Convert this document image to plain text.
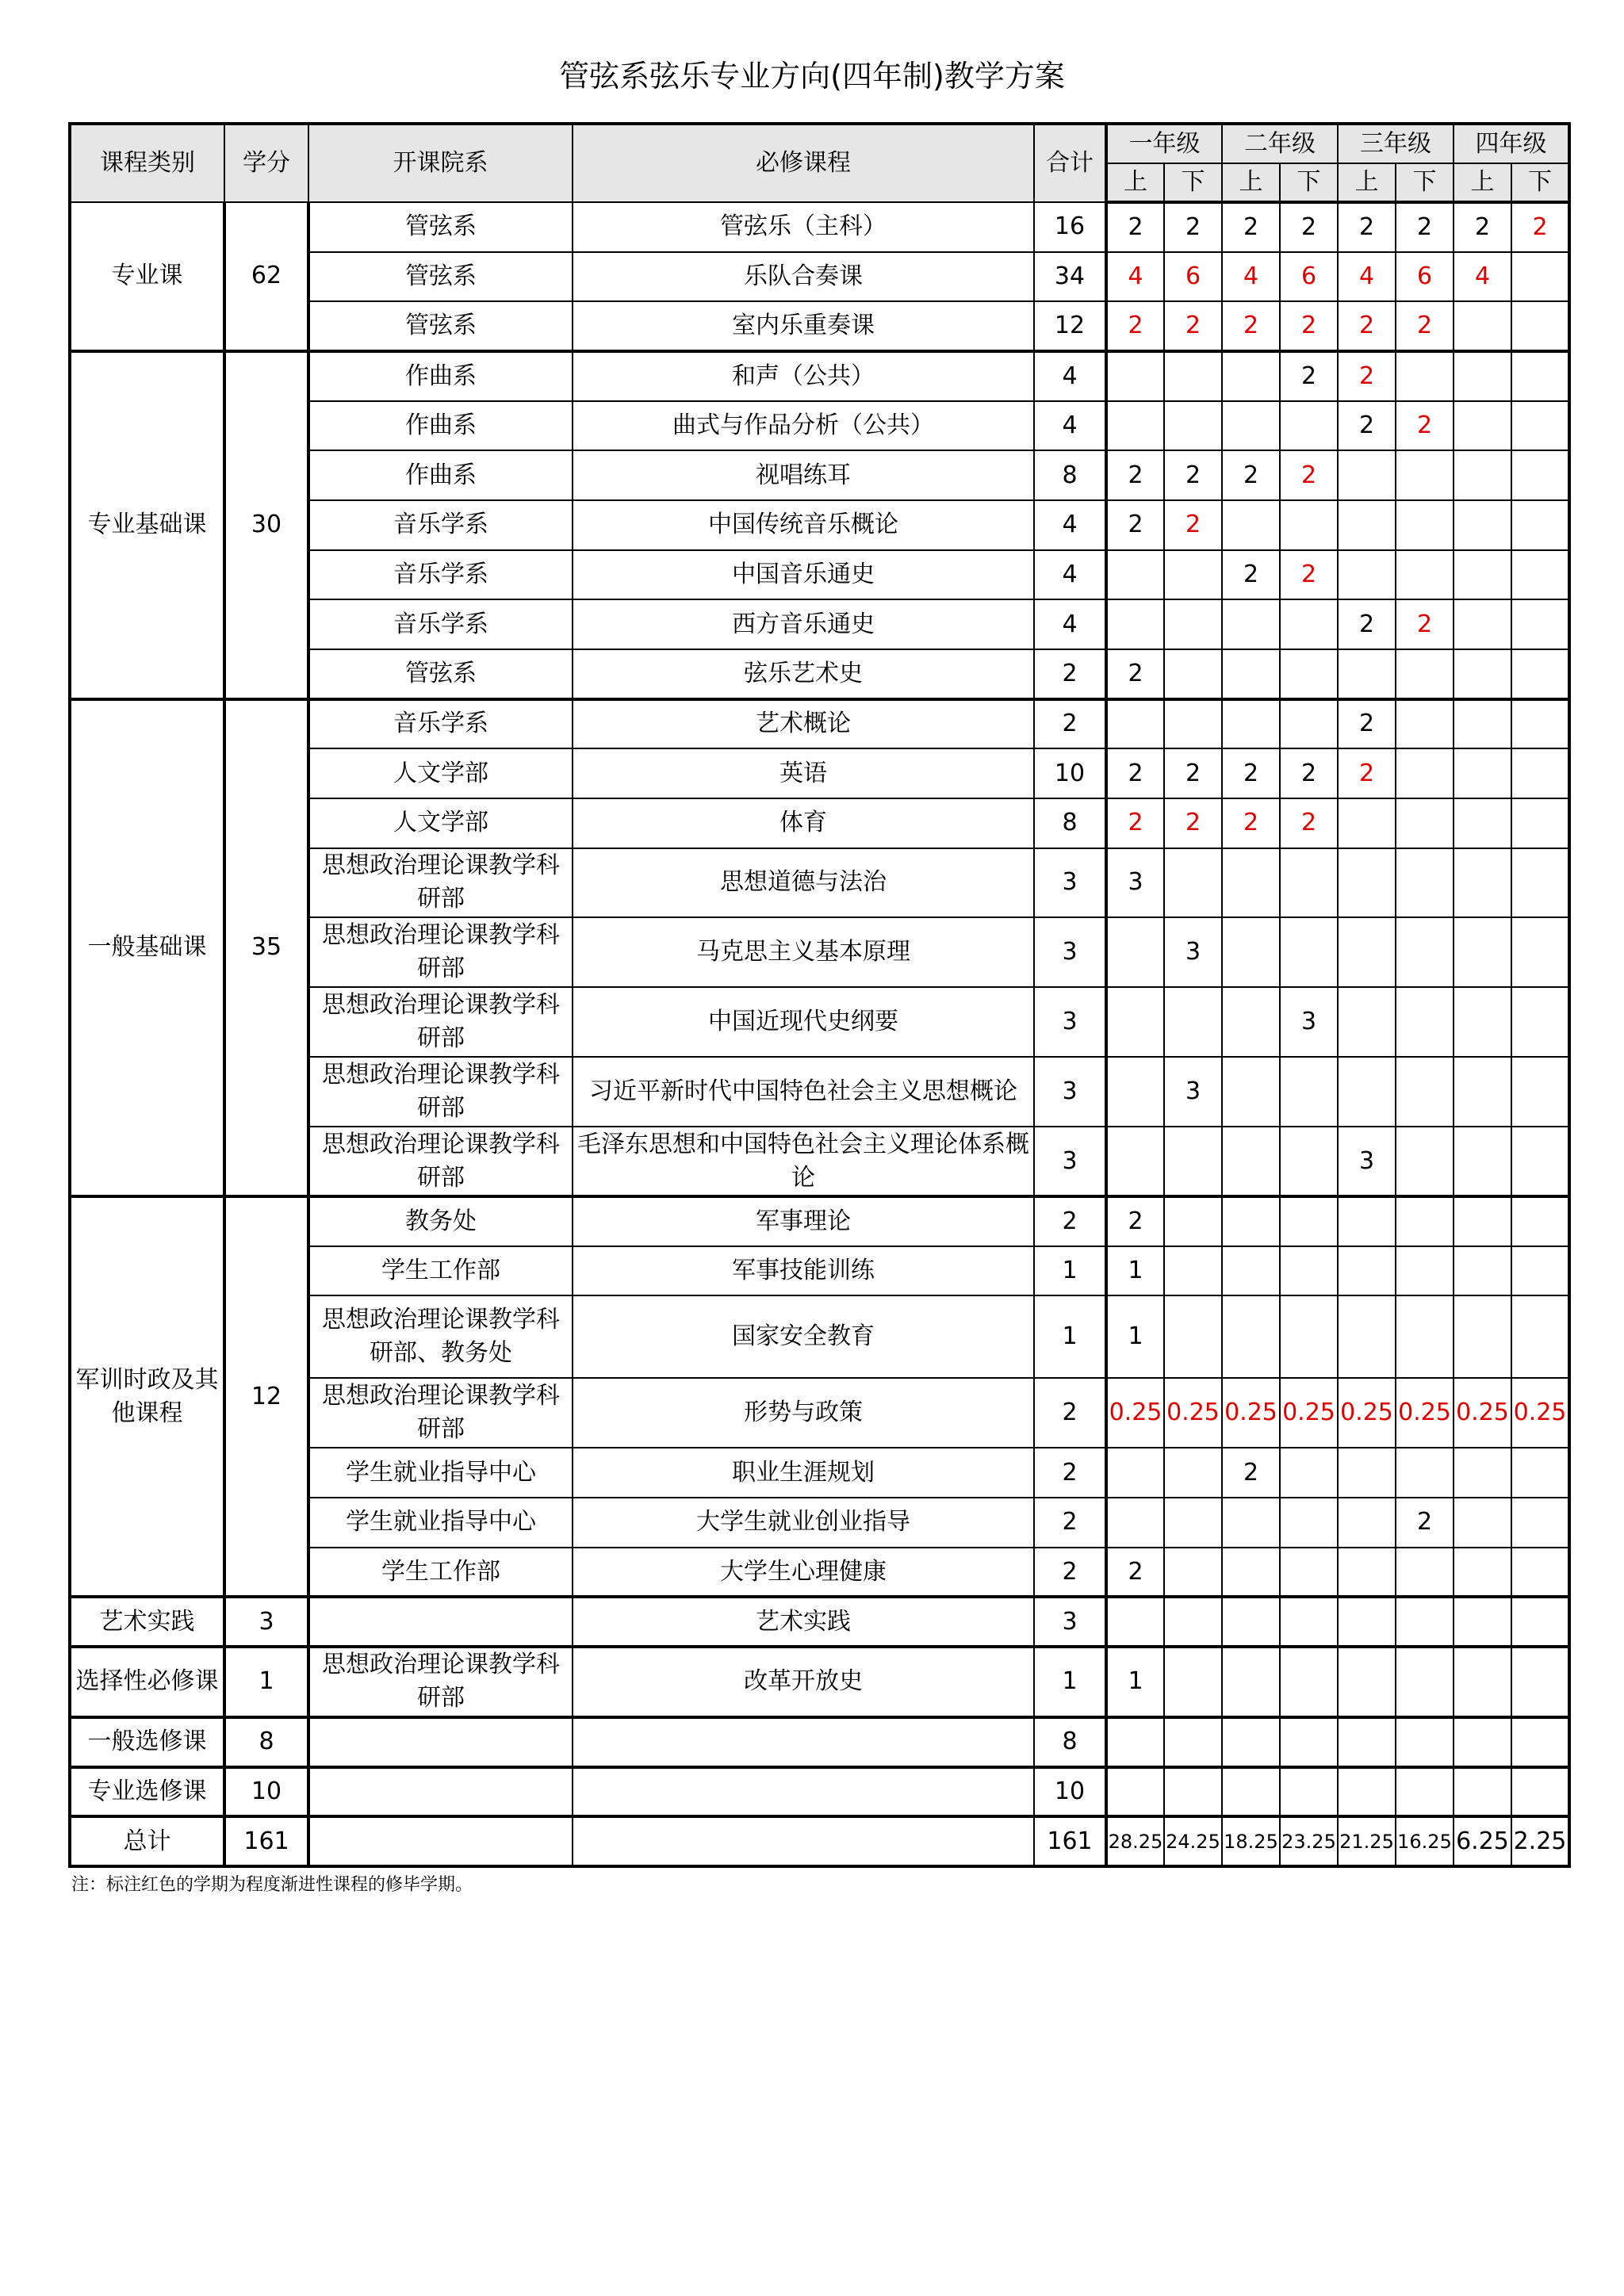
管弦系弦乐专业方向(四年制)教学方案
课程类别	学分	开课院系	必修课程	合计	一年级		二年级		三年级		四年级	
					上	下	上	下	上	下	上	下
专业课	62	管弦系	管弦乐（主科）	16	2	2	2	2	2	2	2	2
		管弦系	乐队合奏课	34	4	6	4	6	4	6	4	
		管弦系	室内乐重奏课	12	2	2	2	2	2	2		
专业基础课	30	作曲系	和声（公共）	4				2	2			
		作曲系	曲式与作品分析（公共）	4					2	2		
		作曲系	视唱练耳	8	2	2	2	2				
		音乐学系	中国传统音乐概论	4	2	2						
		音乐学系	中国音乐通史	4			2	2				
		音乐学系	西方音乐通史	4					2	2		
		管弦系	弦乐艺术史	2	2							
一般基础课	35	音乐学系	艺术概论	2					2			
		人文学部	英语	10	2	2	2	2	2			
		人文学部	体育	8	2	2	2	2				
		思想政治理论课教学科研部	思想道德与法治	3	3							
		思想政治理论课教学科研部	马克思主义基本原理	3		3						
		思想政治理论课教学科研部	中国近现代史纲要	3				3				
		思想政治理论课教学科研部	习近平新时代中国特色社会主义思想概论	3		3						
		思想政治理论课教学科研部	毛泽东思想和中国特色社会主义理论体系概论	3					3			
军训时政及其他课程	12	教务处	军事理论	2	2							
		学生工作部	军事技能训练	1	1							
		思想政治理论课教学科研部、教务处	国家安全教育	1	1							
		思想政治理论课教学科研部	形势与政策	2	0.25	0.25	0.25	0.25	0.25	0.25	0.25	0.25
		学生就业指导中心	职业生涯规划	2			2					
		学生就业指导中心	大学生就业创业指导	2						2		
		学生工作部	大学生心理健康	2	2							
艺术实践	3		艺术实践	3								
选择性必修课	1	思想政治理论课教学科研部	改革开放史	1	1							
一般选修课	8			8								
专业选修课	10			10								
总计	161			161	28.25	24.25	18.25	23.25	21.25	16.25	6.25	2.25
注：标注红色的学期为程度渐进性课程的修毕学期。
